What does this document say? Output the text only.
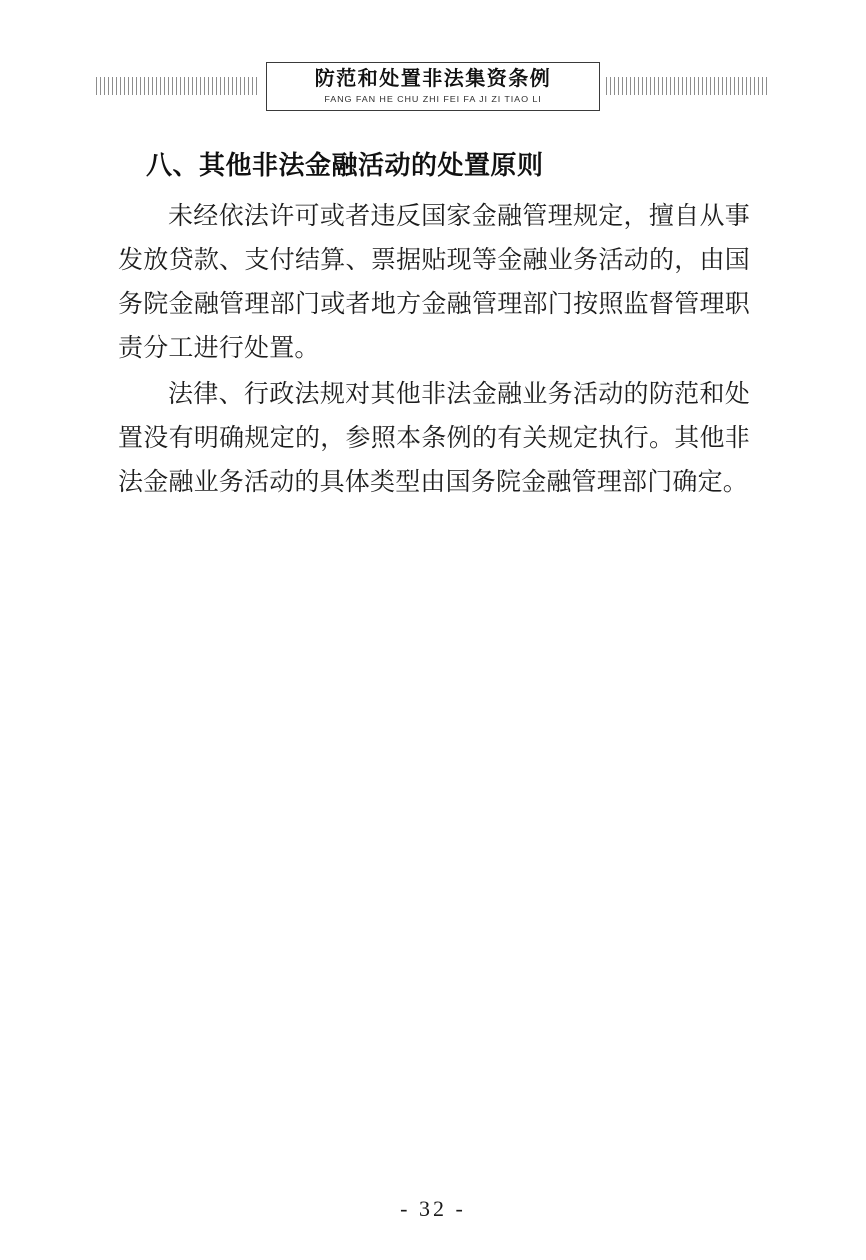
防范和处置非法集资条例
FANG FAN HE CHU ZHI FEI FA JI ZI TIAO LI
八、其他非法金融活动的处置原则

未经依法许可或者违反国家金融管理规定，擅自从事发放贷款、支付结算、票据贴现等金融业务活动的，由国务院金融管理部门或者地方金融管理部门按照监督管理职责分工进行处置。

法律、行政法规对其他非法金融业务活动的防范和处置没有明确规定的，参照本条例的有关规定执行。其他非法金融业务活动的具体类型由国务院金融管理部门确定。

- 32 -
